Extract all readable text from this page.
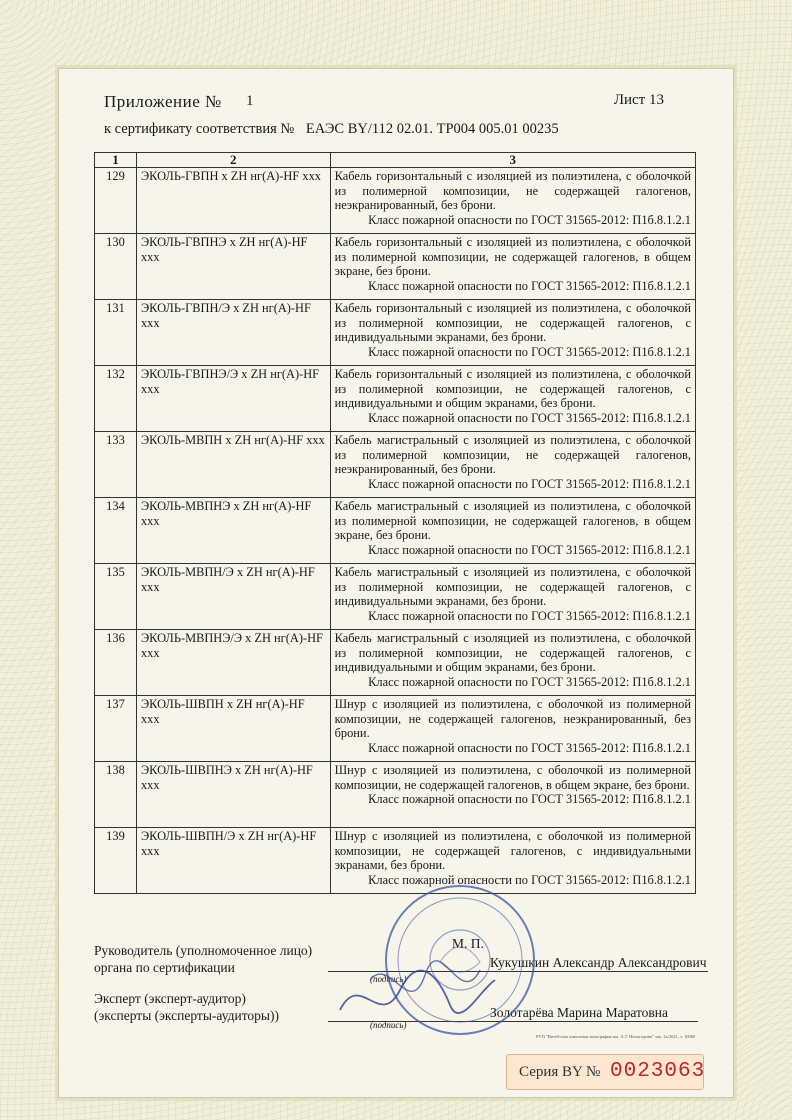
Приложение № 1	Лист 13
к сертификату соответствия № ЕАЭС BY/112 02.01. ТР004 005.01 00235
1	2	3
129	ЭКОЛЬ-ГВПН х ZH нг(А)-HF ххх	Кабель горизонтальный с изоляцией из полиэтилена, с оболочкой из полимерной композиции, не содержащей галогенов, неэкранированный, без брони.
Класс пожарной опасности по ГОСТ 31565-2012: П1б.8.1.2.1

130	ЭКОЛЬ-ГВПНЭ х ZH нг(А)-HF ххх	Кабель горизонтальный с изоляцией из полиэтилена, с оболочкой из полимерной композиции, не содержащей галогенов, в общем экране, без брони.
Класс пожарной опасности по ГОСТ 31565-2012: П1б.8.1.2.1

131	ЭКОЛЬ-ГВПН/Э х ZH нг(А)-HF ххх	Кабель горизонтальный с изоляцией из полиэтилена, с оболочкой из полимерной композиции, не содержащей галогенов, с индивидуальными экранами, без брони.
Класс пожарной опасности по ГОСТ 31565-2012: П1б.8.1.2.1

132	ЭКОЛЬ-ГВПНЭ/Э х ZH нг(А)-HF ххх	Кабель горизонтальный с изоляцией из полиэтилена, с оболочкой из полимерной композиции, не содержащей галогенов, с индивидуальными и общим экранами, без брони.
Класс пожарной опасности по ГОСТ 31565-2012: П1б.8.1.2.1

133	ЭКОЛЬ-МВПН х ZH нг(А)-HF ххх	Кабель магистральный с изоляцией из полиэтилена, с оболочкой из полимерной композиции, не содержащей галогенов, неэкранированный, без брони.
Класс пожарной опасности по ГОСТ 31565-2012: П1б.8.1.2.1

134	ЭКОЛЬ-МВПНЭ х ZH нг(А)-HF ххх	Кабель магистральный с изоляцией из полиэтилена, с оболочкой из полимерной композиции, не содержащей галогенов, в общем экране, без брони.
Класс пожарной опасности по ГОСТ 31565-2012: П1б.8.1.2.1

135	ЭКОЛЬ-МВПН/Э х ZH нг(А)-HF ххх	Кабель магистральный с изоляцией из полиэтилена, с оболочкой из полимерной композиции, не содержащей галогенов, с индивидуальными экранами, без брони.
Класс пожарной опасности по ГОСТ 31565-2012: П1б.8.1.2.1

136	ЭКОЛЬ-МВПНЭ/Э х ZH нг(А)-HF ххх	Кабель магистральный с изоляцией из полиэтилена, с оболочкой из полимерной композиции, не содержащей галогенов, с индивидуальными и общим экранами, без брони.
Класс пожарной опасности по ГОСТ 31565-2012: П1б.8.1.2.1

137	ЭКОЛЬ-ШВПН х ZH нг(А)-HF ххх	Шнур с изоляцией из полиэтилена, с оболочкой из полимерной композиции, не содержащей галогенов, неэкранированный, без брони.
Класс пожарной опасности по ГОСТ 31565-2012: П1б.8.1.2.1

138	ЭКОЛЬ-ШВПНЭ х ZH нг(А)-HF ххх	Шнур с изоляцией из полиэтилена, с оболочкой из полимерной композиции, не содержащей галогенов, в общем экране, без брони.
Класс пожарной опасности по ГОСТ 31565-2012: П1б.8.1.2.1

139	ЭКОЛЬ-ШВПН/Э х ZH нг(А)-HF ххх	Шнур с изоляцией из полиэтилена, с оболочкой из полимерной композиции, не содержащей галогенов, с индивидуальными экранами, без брони.
Класс пожарной опасности по ГОСТ 31565-2012: П1б.8.1.2.1
Руководитель (уполномоченное лицо)
органа по сертификации
М. П.
Кукушкин Александр Александрович
(подпись)
Эксперт (эксперт-аудитор)
(эксперты (эксперты-аудиторы))	Золотарёва Марина Маратовна
(подпись)
РУП "Витебская зональная типография им. А.Т. Непогодина" зак. 1к/2021, т. 10000
Серия BY № 0023063
